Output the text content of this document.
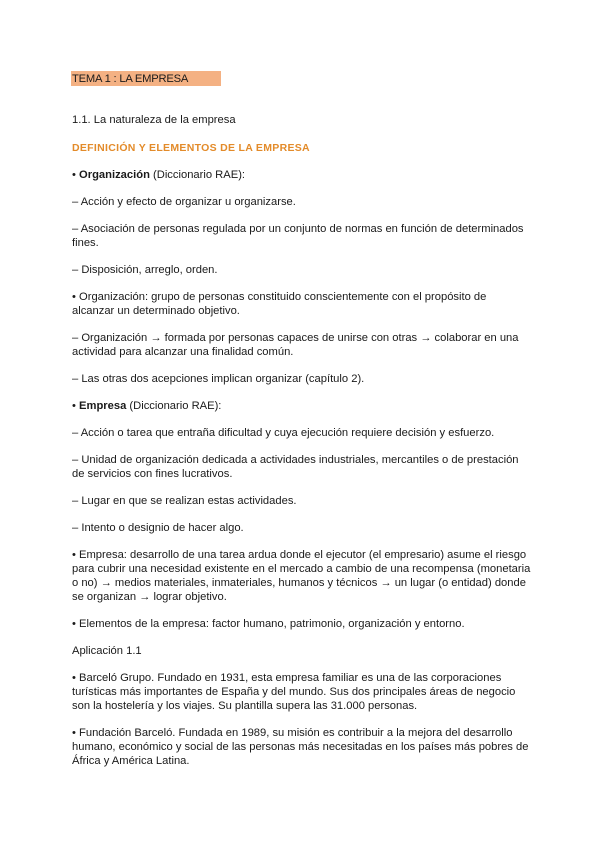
TEMA 1 : LA EMPRESA

1.1. La naturaleza de la empresa

DEFINICIÓN Y ELEMENTOS DE LA EMPRESA

• Organización (Diccionario RAE):

– Acción y efecto de organizar u organizarse.

– Asociación de personas regulada por un conjunto de normas en función de determinados

fines.

– Disposición, arreglo, orden.

• Organización: grupo de personas constituido conscientemente con el propósito de

alcanzar un determinado objetivo.

– Organización → formada por personas capaces de unirse con otras → colaborar en una

actividad para alcanzar una finalidad común.

– Las otras dos acepciones implican organizar (capítulo 2).

• Empresa (Diccionario RAE):

– Acción o tarea que entraña dificultad y cuya ejecución requiere decisión y esfuerzo.

– Unidad de organización dedicada a actividades industriales, mercantiles o de prestación

de servicios con fines lucrativos.

– Lugar en que se realizan estas actividades.

– Intento o designio de hacer algo.

• Empresa: desarrollo de una tarea ardua donde el ejecutor (el empresario) asume el riesgo

para cubrir una necesidad existente en el mercado a cambio de una recompensa (monetaria

o no) → medios materiales, inmateriales, humanos y técnicos → un lugar (o entidad) donde

se organizan → lograr objetivo.

• Elementos de la empresa: factor humano, patrimonio, organización y entorno.

Aplicación 1.1

• Barceló Grupo. Fundado en 1931, esta empresa familiar es una de las corporaciones

turísticas más importantes de España y del mundo. Sus dos principales áreas de negocio

son la hostelería y los viajes. Su plantilla supera las 31.000 personas.

• Fundación Barceló. Fundada en 1989, su misión es contribuir a la mejora del desarrollo

humano, económico y social de las personas más necesitadas en los países más pobres de

África y América Latina.
